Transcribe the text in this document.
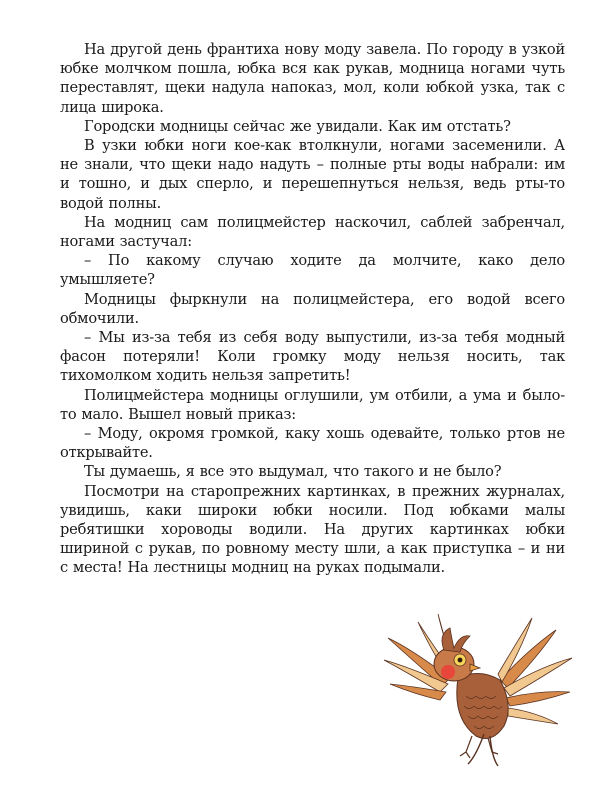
На другой день франтиха нову моду завела. По городу в узкой юбке молчком пошла, юбка вся как рукав, модница ногами чуть переставлят, щеки надула напоказ, мол, коли юбкой узка, так с лица широка.

Городски модницы сейчас же увидали. Как им отстать?

В узки юбки ноги кое-как втолкнули, ногами засеменили. А не знали, что щеки надо надуть – полные рты воды набрали: им и тошно, и дых сперло, и перешепнуться нельзя, ведь рты-то водой полны.

На модниц сам полицмейстер наскочил, саблей забренчал, ногами застучал:

– По какому случаю ходите да молчите, како дело умышляете?

Модницы фыркнули на полицмейстера, его водой всего обмочили.

– Мы из-за тебя из себя воду выпустили, из-за тебя модный фасон потеряли! Коли громку моду нельзя носить, так тихомолком ходить нельзя запретить!

Полицмейстера модницы оглушили, ум отбили, а ума и было-то мало. Вышел новый приказ:

– Моду, окромя громкой, каку хошь одевайте, только ртов не открывайте.

Ты думаешь, я все это выдумал, что такого и не было?

Посмотри на старопрежних картинках, в прежних журналах, увидишь, каки широки юбки носили. Под юбками малы ребятишки хороводы водили. На других картинках юбки шириной с рукав, по ровному месту шли, а как приступка – и ни с места! На лестницы модниц на руках подымали.
